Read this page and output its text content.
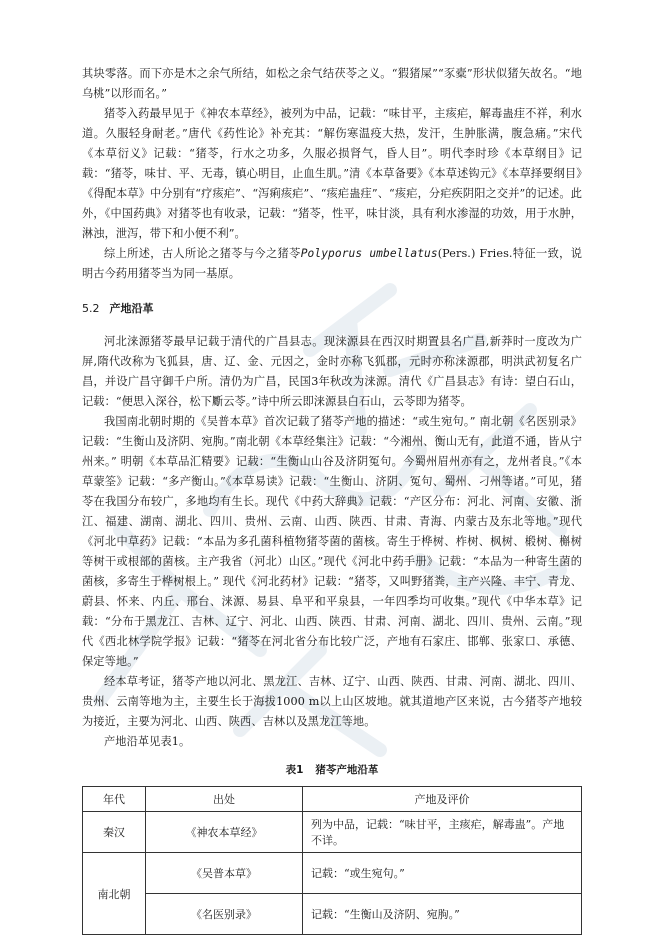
其块零落。而下亦是木之余气所结，如松之余气结茯苓之义。“猳猪屎”“豕橐”形状似猪矢故名。“地乌桃”以形而名。”

猪苓入药最早见于《神农本草经》，被列为中品，记载：“味甘平，主痎疟，解毒蛊疰不祥，利水道。久服轻身耐老。”唐代《药性论》补充其：“解伤寒温疫大热，发汗，生肿胀满，腹急痛。”宋代《本草衍义》记载：“猪苓，行水之功多，久服必损肾气，昏人目”。明代李时珍《本草纲目》记载：“猪苓，味甘、平、无毒，镇心明目，止血生肌。”清《本草备要》《本草述钩元》《本草择要纲目》《得配本草》中分别有“疗痎疟”、“泻痢痎疟”、“痎疟蛊疰”、“痎疟，分疟疾阴阳之交并”的记述。此外，《中国药典》对猪苓也有收录，记载：“猪苓，性平，味甘淡，具有利水渗湿的功效，用于水肿，淋浊，泄泻，带下和小便不利”。

综上所述，古人所论之猪苓与今之猪苓Polyporus umbellatus(Pers.) Fries.特征一致，说明古今药用猪苓当为同一基原。

5.2 产地沿革

河北涞源猪苓最早记载于清代的广昌县志。现涞源县在西汉时期置县名广昌,新莽时一度改为广屏,隋代改称为飞狐县，唐、辽、金、元因之，金时亦称飞狐郡，元时亦称涞源郡，明洪武初复名广昌，并设广昌守御千户所。清仍为广昌，民国3年秋改为涞源。清代《广昌县志》有诗：望白石山，记载：“便思入深谷，松下斸云苓。”诗中所云即涞源县白石山，云苓即为猪苓。

我国南北朝时期的《吴普本草》首次记载了猪苓产地的描述：“或生宛句。” 南北朝《名医别录》记载：“生衡山及济阴、宛朐。”南北朝《本草经集注》记载：“今湘州、衡山无有，此道不通，皆从宁州来。” 明朝《本草品汇精要》记载：“生衡山山谷及济阴冤句。今蜀州眉州亦有之，龙州者良。”《本草蒙筌》记载：“多产衡山。”《本草易读》记载：“生衡山、济阴、冤句、蜀州、刁州等诸。”可见，猪苓在我国分布较广，多地均有生长。现代《中药大辞典》记载：“产区分布：河北、河南、安徽、浙江、福建、湖南、湖北、四川、贵州、云南、山西、陕西、甘肃、青海、内蒙古及东北等地。”现代《河北中草药》记载：“本品为多孔菌科植物猪苓菌的菌核。寄生于桦树、柞树、枫树、椴树、槲树等树干或根部的菌核。主产我省（河北）山区。”现代《河北中药手册》记载：“本品为一种寄生菌的菌核，多寄生于桦树根上。” 现代《河北药材》记载：“猪苓，又叫野猪粪，主产兴隆、丰宁、青龙、蔚县、怀来、内丘、邢台、涞源、易县、阜平和平泉县，一年四季均可收集。”现代《中华本草》记载：“分布于黑龙江、吉林、辽宁、河北、山西、陕西、甘肃、河南、湖北、四川、贵州、云南。”现代《西北林学院学报》记载：“猪苓在河北省分布比较广泛，产地有石家庄、邯郸、张家口、承德、保定等地。”

经本草考证，猪苓产地以河北、黑龙江、吉林、辽宁、山西、陕西、甘肃、河南、湖北、四川、贵州、云南等地为主，主要生长于海拔1000 m以上山区坡地。就其道地产区来说，古今猪苓产地较为接近，主要为河北、山西、陕西、吉林以及黑龙江等地。

产地沿革见表1。

表1 猪苓产地沿革
年代	出处	产地及评价
秦汉	《神农本草经》	列为中品，记载：“味甘平，主痎疟，解毒蛊”。产地不详。
南北朝	《吴普本草》	记载：“或生宛句。”
	《名医别录》	记载：“生衡山及济阴、宛朐。”
